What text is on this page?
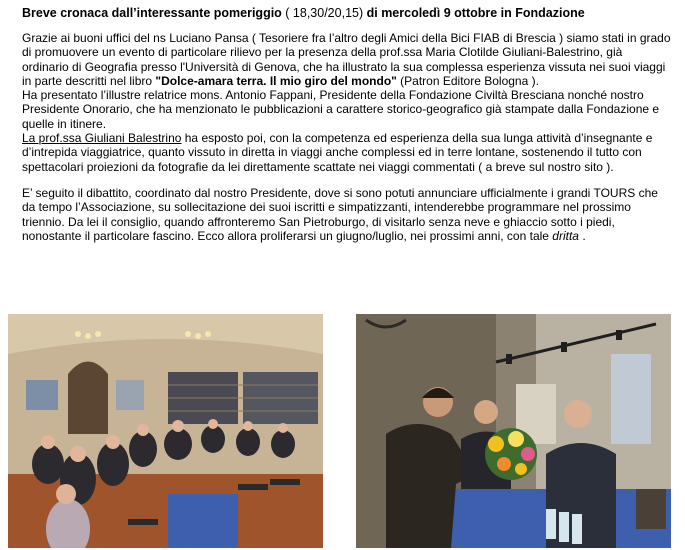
Breve cronaca dall’interessante pomeriggio ( 18,30/20,15) di mercoledì 9 ottobre in Fondazione

Grazie ai buoni uffici del ns Luciano Pansa ( Tesoriere fra l’altro degli Amici della Bici FIAB di Brescia ) siamo stati in grado di promuovere un evento di particolare rilievo per la presenza della prof.ssa Maria Clotilde Giuliani-Balestrino, già ordinario di Geografia presso l'Università di Genova, che ha illustrato la sua complessa esperienza vissuta nei suoi viaggi in parte descritti nel libro "Dolce-amara terra. Il mio giro del mondo" (Patron Editore Bologna ).
Ha presentato l’illustre relatrice mons. Antonio Fappani, Presidente della Fondazione Civiltà Bresciana nonché nostro Presidente Onorario, che ha menzionato le pubblicazioni a carattere storico-geografico già stampate dalla Fondazione e quelle in itinere.
La prof.ssa Giuliani Balestrino ha esposto poi, con la competenza ed esperienza della sua lunga attività d’insegnante e d’intrepida viaggiatrice, quanto vissuto in diretta in viaggi anche complessi ed in terre lontane, sostenendo il tutto con spettacolari proiezioni da fotografie da lei direttamente scattate nei viaggi commentati ( a breve sul nostro sito ).

E’ seguito il dibattito, coordinato dal nostro Presidente, dove si sono potuti annunciare ufficialmente i grandi TOURS che da tempo l’Associazione, su sollecitazione dei suoi iscritti e simpatizzanti, intenderebbe programmare nel prossimo triennio. Da lei il consiglio, quando affronteremo San Pietroburgo, di visitarlo senza neve e ghiaccio sotto i piedi, nonostante il particolare fascino. Ecco allora proliferarsi un giugno/luglio, nei prossimi anni, con tale dritta .
